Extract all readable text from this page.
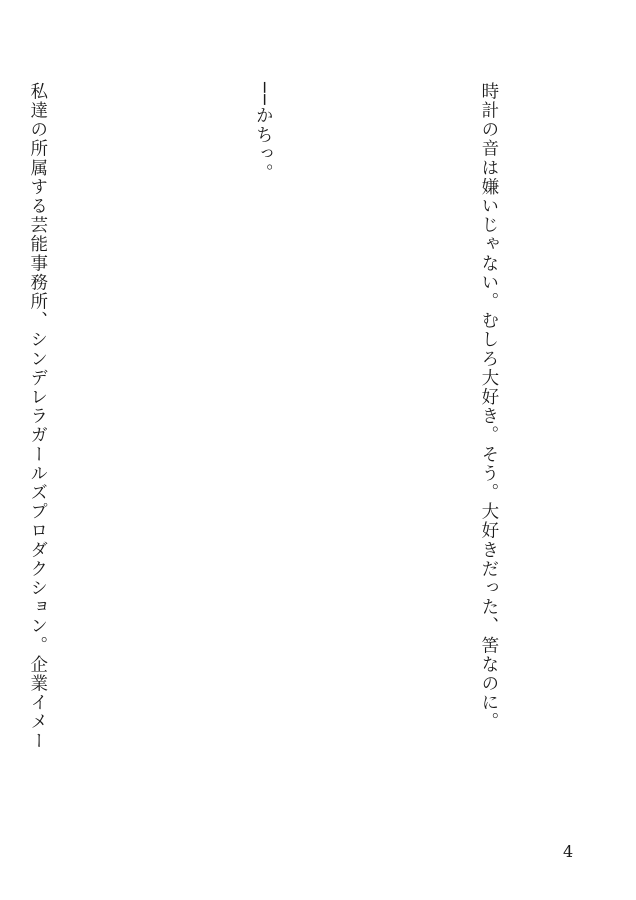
時計の音は嫌いじゃない。むしろ大好き。そう。大好きだった、筈なのに。

──かちっ。

私達の所属する芸能事務所、シンデレラガールズプロダクション。企業イメー

4
